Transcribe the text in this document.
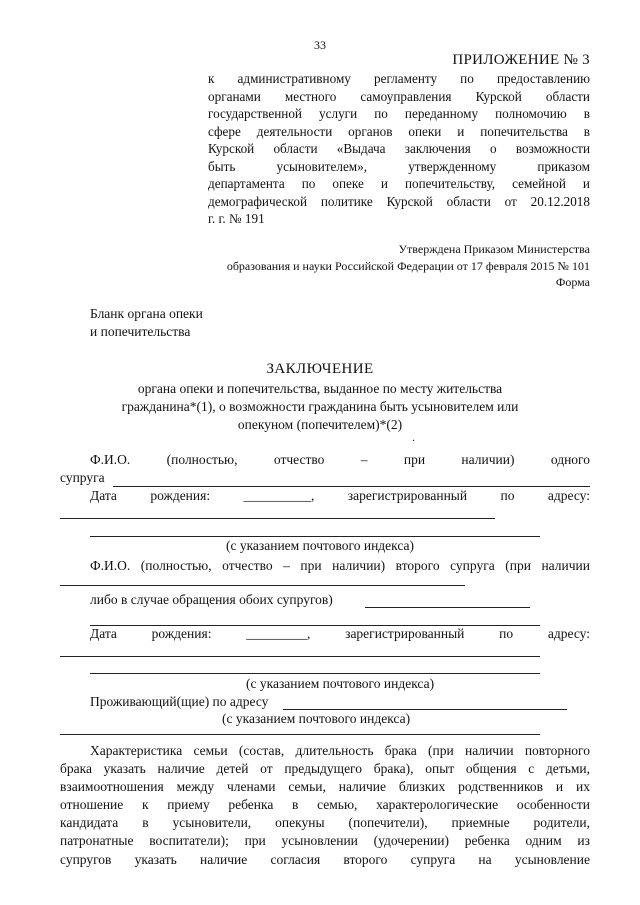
33
ПРИЛОЖЕНИЕ № 3
к административному регламенту по предоставлению
органами местного самоуправления Курской области
государственной услуги по переданному полномочию в
сфере деятельности органов опеки и попечительства в
Курской области «Выдача заключения о возможности
быть усыновителем», утвержденному приказом
департамента по опеке и попечительству, семейной и
демографической политике Курской области от 20.12.2018
г. г. № 191
Утверждена Приказом Министерства
образования и науки Российской Федерации от 17 февраля 2015 № 101
Форма
Бланк органа опеки
и попечительства
ЗАКЛЮЧЕНИЕ
органа опеки и попечительства, выданное по месту жительства
гражданина*(1), о возможности гражданина быть усыновителем или
опекуном (попечителем)*(2)
.
Ф.И.О. (полностью, отчество – при наличии) одного
супруга
Дата рождения: __________, зарегистрированный по адресу:
(с указанием почтового индекса)
Ф.И.О. (полностью, отчество – при наличии) второго супруга (при наличии
либо в случае обращения обоих супругов)
Дата рождения: _________, зарегистрированный по адресу:
(с указанием почтового индекса)
Проживающий(щие) по адресу
(с указанием почтового индекса)
Характеристика семьи (состав, длительность брака (при наличии повторного
брака указать наличие детей от предыдущего брака), опыт общения с детьми,
взаимоотношения между членами семьи, наличие близких родственников и их
отношение к приему ребенка в семью, характерологические особенности
кандидата в усыновители, опекуны (попечители), приемные родители,
патронатные воспитатели); при усыновлении (удочерении) ребенка одним из
супругов указать наличие согласия второго супруга на усыновление
